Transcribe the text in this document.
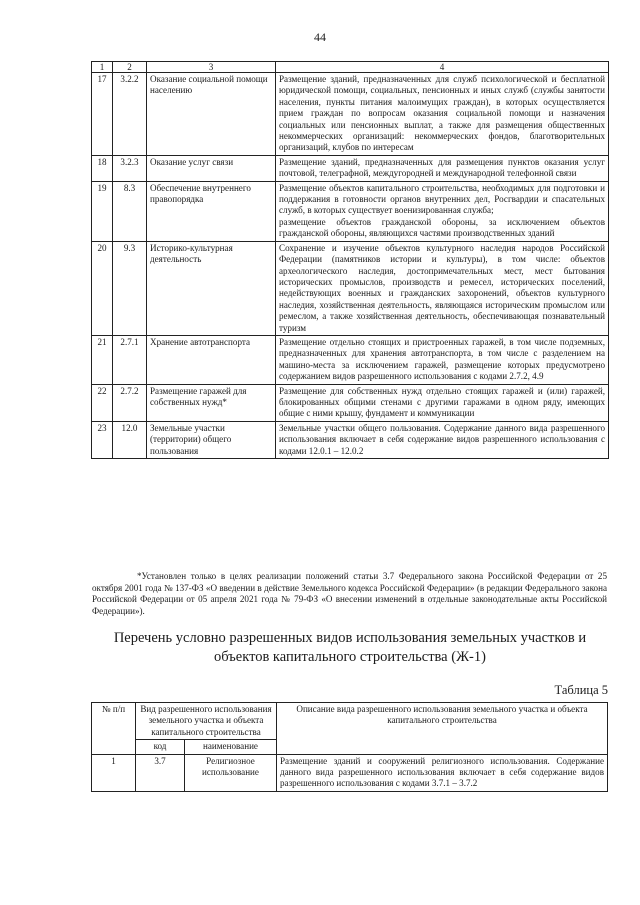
44
1	2	3	4
17	3.2.2	Оказание социальной помощи населению	Размещение зданий, предназначенных для служб психологической и бесплатной юридической помощи, социальных, пенсионных и иных служб (службы занятости населения, пункты питания малоимущих граждан), в которых осуществляется прием граждан по вопросам оказания социальной помощи и назначения социальных или пенсионных выплат, а также для размещения общественных некоммерческих организаций: некоммерческих фондов, благотворительных организаций, клубов по интересам
18	3.2.3	Оказание услуг связи	Размещение зданий, предназначенных для размещения пунктов оказания услуг почтовой, телеграфной, междугородней и международной телефонной связи
19	8.3	Обеспечение внутреннего правопорядка	Размещение объектов капитального строительства, необходимых для подготовки и поддержания в готовности органов внутренних дел, Росгвардии и спасательных служб, в которых существует военизированная служба;
размещение объектов гражданской обороны, за исключением объектов гражданской обороны, являющихся частями производственных зданий
20	9.3	Историко-культурная деятельность	Сохранение и изучение объектов культурного наследия народов Российской Федерации (памятников истории и культуры), в том числе: объектов археологического наследия, достопримечательных мест, мест бытования исторических промыслов, производств и ремесел, исторических поселений, недействующих военных и гражданских захоронений, объектов культурного наследия, хозяйственная деятельность, являющаяся историческим промыслом или ремеслом, а также хозяйственная деятельность, обеспечивающая познавательный туризм
21	2.7.1	Хранение автотранспорта	Размещение отдельно стоящих и пристроенных гаражей, в том числе подземных, предназначенных для хранения автотранспорта, в том числе с разделением на машино-места за исключением гаражей, размещение которых предусмотрено содержанием видов разрешенного использования с кодами 2.7.2, 4.9
22	2.7.2	Размещение гаражей для собственных нужд*	Размещение для собственных нужд отдельно стоящих гаражей и (или) гаражей, блокированных общими стенами с другими гаражами в одном ряду, имеющих общие с ними крышу, фундамент и коммуникации
23	12.0	Земельные участки (территории) общего пользования	Земельные участки общего пользования. Содержание данного вида разрешенного использования включает в себя содержание видов разрешенного использования с кодами 12.0.1 – 12.0.2
*Установлен только в целях реализации положений статьи 3.7 Федерального закона Российской Федерации от 25 октября 2001 года № 137-ФЗ «О введении в действие Земельного кодекса Российской Федерации» (в редакции Федерального закона Российской Федерации от 05 апреля 2021 года № 79-ФЗ «О внесении изменений в отдельные законодательные акты Российской Федерации»).
Перечень условно разрешенных видов использования земельных участков и объектов капитального строительства (Ж-1)
Таблица 5
№ п/п	Вид разрешенного использования земельного участка и объекта капитального строительства		Описание вида разрешенного использования земельного участка и объекта капитального строительства
	код	наименование	
1	3.7	Религиозное использование	Размещение зданий и сооружений религиозного использования. Содержание данного вида разрешенного использования включает в себя содержание видов разрешенного использования с кодами 3.7.1 – 3.7.2
